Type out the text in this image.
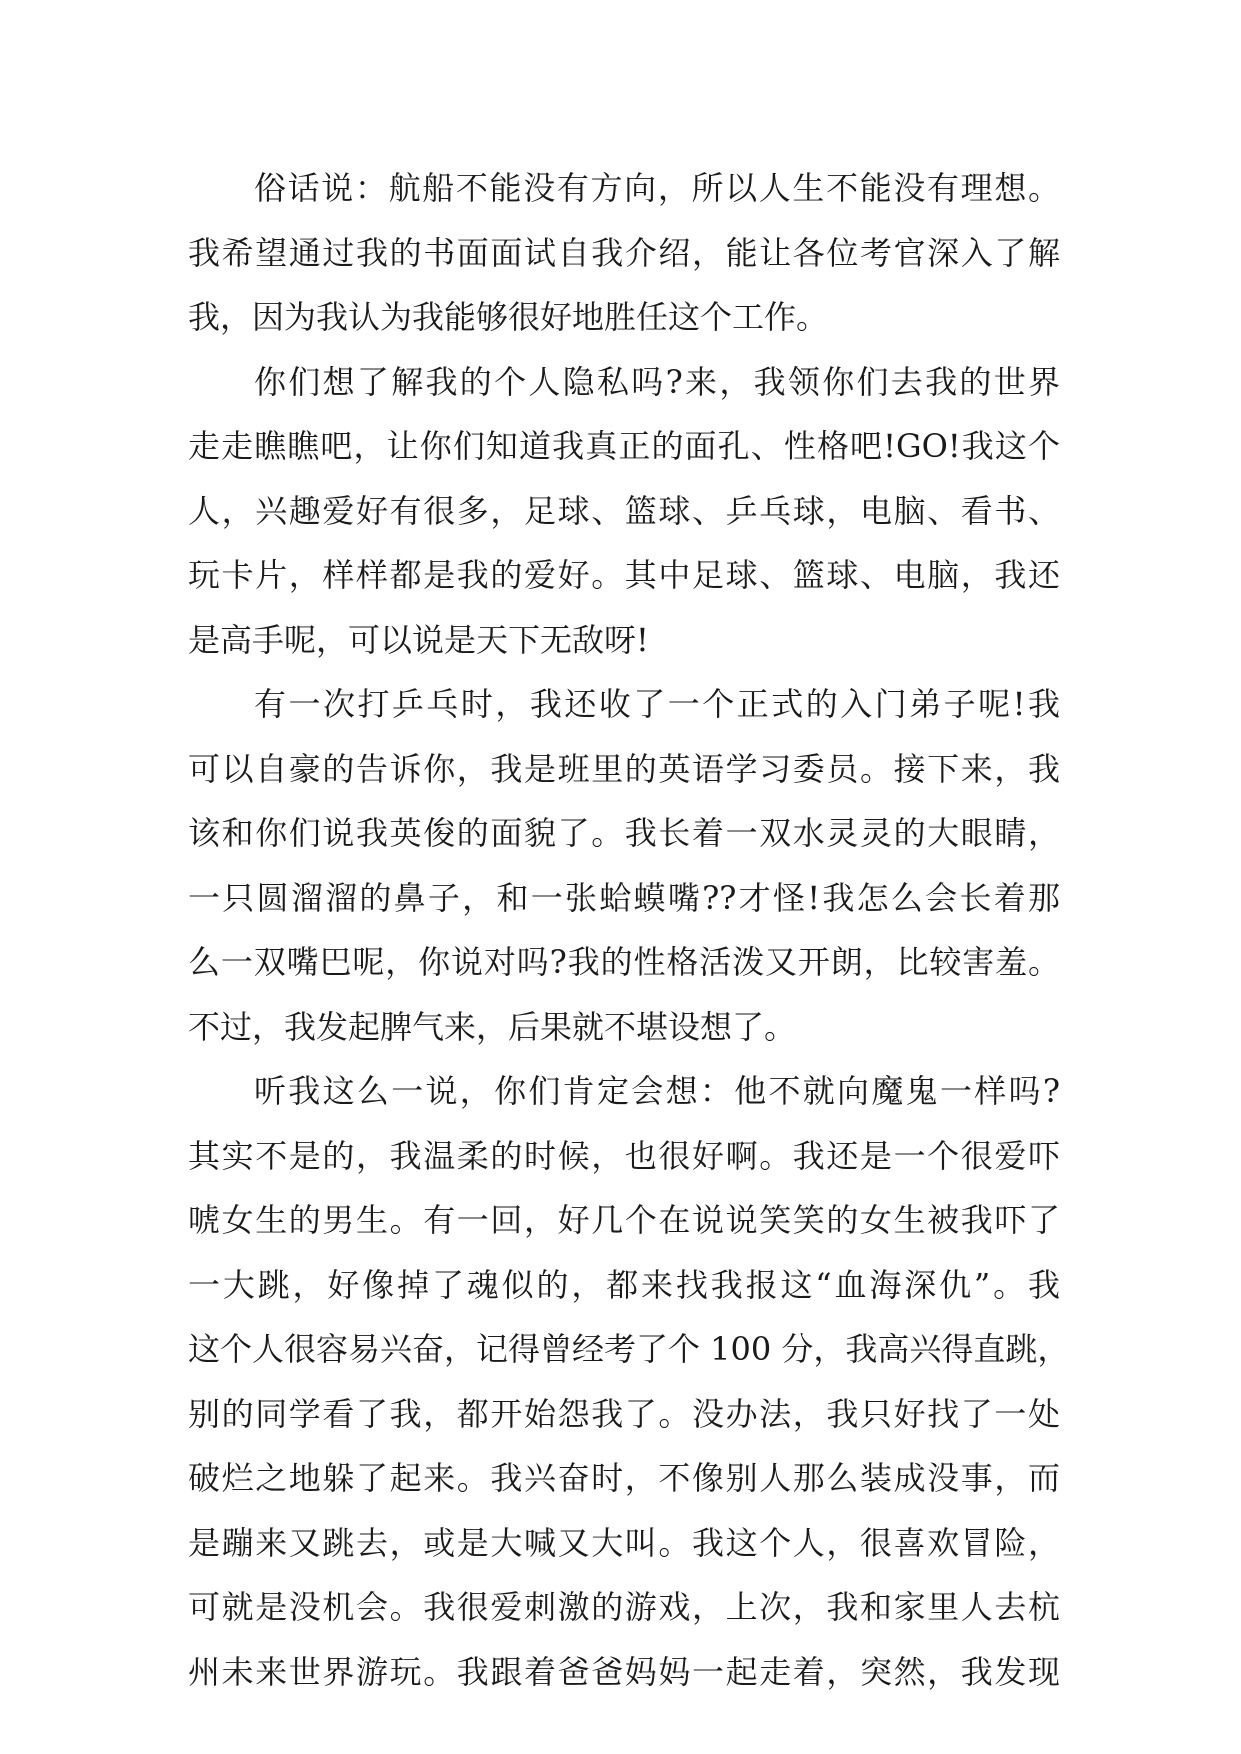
俗话说：航船不能没有方向，所以人生不能没有理想。
我希望通过我的书面面试自我介绍，能让各位考官深入了解
我，因为我认为我能够很好地胜任这个工作。
你们想了解我的个人隐私吗?来，我领你们去我的世界
走走瞧瞧吧，让你们知道我真正的面孔、性格吧!GO!我这个
人，兴趣爱好有很多，足球、篮球、乒乓球，电脑、看书、
玩卡片，样样都是我的爱好。其中足球、篮球、电脑，我还
是高手呢，可以说是天下无敌呀!
有一次打乒乓时，我还收了一个正式的入门弟子呢!我
可以自豪的告诉你，我是班里的英语学习委员。接下来，我
该和你们说我英俊的面貌了。我长着一双水灵灵的大眼睛，
一只圆溜溜的鼻子，和一张蛤蟆嘴??才怪!我怎么会长着那
么一双嘴巴呢，你说对吗?我的性格活泼又开朗，比较害羞。
不过，我发起脾气来，后果就不堪设想了。
听我这么一说，你们肯定会想：他不就向魔鬼一样吗?
其实不是的，我温柔的时候，也很好啊。我还是一个很爱吓
唬女生的男生。有一回，好几个在说说笑笑的女生被我吓了
一大跳，好像掉了魂似的，都来找我报这“血海深仇”。我
这个人很容易兴奋，记得曾经考了个 100 分，我高兴得直跳，
别的同学看了我，都开始怨我了。没办法，我只好找了一处
破烂之地躲了起来。我兴奋时，不像别人那么装成没事，而
是蹦来又跳去，或是大喊又大叫。我这个人，很喜欢冒险，
可就是没机会。我很爱刺激的游戏，上次，我和家里人去杭
州未来世界游玩。我跟着爸爸妈妈一起走着，突然，我发现
